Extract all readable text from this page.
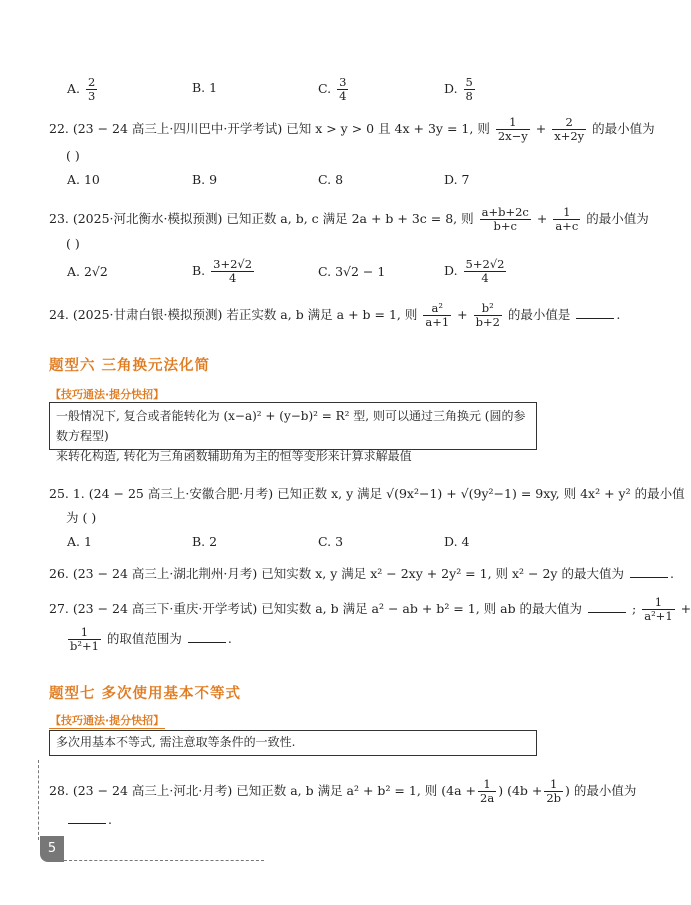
A. $\frac{2}{3}$	B. 1	C. $\frac{3}{4}$	D. $\frac{5}{8}$
22. (23 − 24 高三上·四川巴中·开学考试) 已知 x > y > 0 且 4x + 3y = 1, 则 $\frac{1}{2x-y} + \frac{2}{x+2y}$ 的最小值为
( )
A. 10	B. 9	C. 8	D. 7
23. (2025·河北衡水·模拟预测) 已知正数 a, b, c 满足 2a + b + 3c = 8, 则 $\frac{a+b+2c}{b+c} + \frac{1}{a+c}$ 的最小值为
( )
A. 2√2	B. $\frac{3+2√2}{4}$	C. 3√2 − 1	D. $\frac{5+2√2}{4}$
24. (2025·甘肃白银·模拟预测) 若正实数 a, b 满足 a + b = 1, 则 $\frac{\text{a²}}{a+1} + \frac{\text{b²}}{b+2}$ 的最小值是	.
题型六 三角换元法化简
【技巧通法·提分快招】
一般情况下, 复合或者能转化为 (x−a)² + (y−b)² = R² 型, 则可以通过三角换元 (圆的参数方程型)
来转化构造, 转化为三角函数辅助角为主的恒等变形来计算求解最值
25. 1. (24 − 25 高三上·安徽合肥·月考) 已知正数 x, y 满足 √(9x²−1) + √(9y²−1) = 9xy, 则 4x² + y² 的最小值
为 ( )
A. 1	B. 2	C. 3	D. 4
26. (23 − 24 高三上·湖北荆州·月考) 已知实数 x, y 满足 x² − 2xy + 2y² = 1, 则 x² − 2y 的最大值为	.
27. (23 − 24 高三下·重庆·开学考试) 已知实数 a, b 满足 a² − ab + b² = 1, 则 ab 的最大值为	; $\frac{1}{\text{a²+1}}$ +
$\frac{1}{\text{b²+1}}$ 的取值范围为	.
题型七 多次使用基本不等式
【技巧通法·提分快招】
多次用基本不等式, 需注意取等条件的一致性.
28. (23 − 24 高三上·河北·月考) 已知正数 a, b 满足 a² + b² = 1, 则 ($4a + \frac{1}{2a}$ ) ($4b + \frac{1}{2b}$ ) 的最小值为
.
5
